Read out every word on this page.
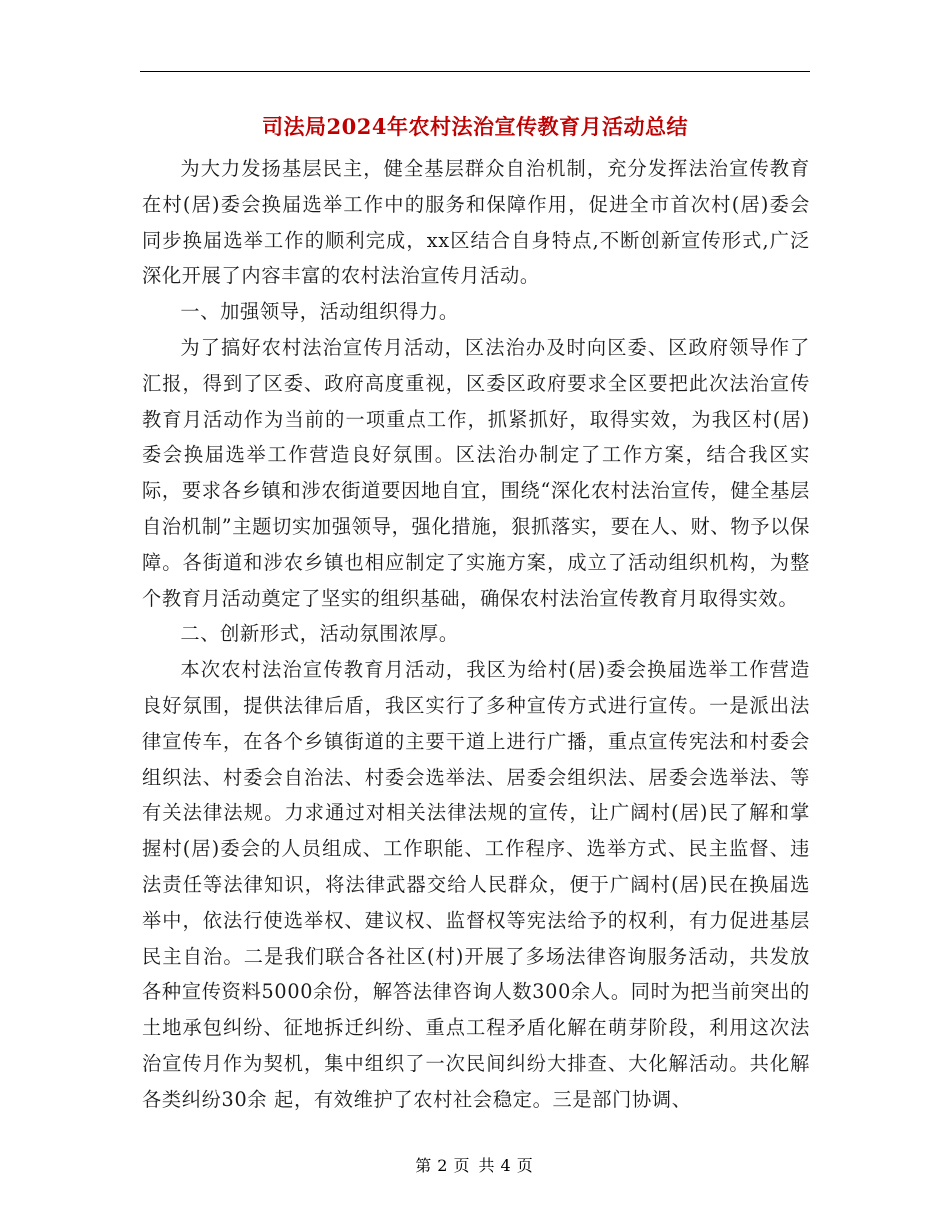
司法局2024年农村法治宣传教育月活动总结

为大力发扬基层民主，健全基层群众自治机制，充分发挥法治宣传教育在村(居)委会换届选举工作中的服务和保障作用，促进全市首次村(居)委会同步换届选举工作的顺利完成，xx区结合自身特点,不断创新宣传形式,广泛深化开展了内容丰富的农村法治宣传月活动。

一、加强领导，活动组织得力。

为了搞好农村法治宣传月活动，区法治办及时向区委、区政府领导作了汇报，得到了区委、政府高度重视，区委区政府要求全区要把此次法治宣传教育月活动作为当前的一项重点工作，抓紧抓好，取得实效，为我区村(居)委会换届选举工作营造良好氛围。区法治办制定了工作方案，结合我区实际，要求各乡镇和涉农街道要因地自宜，围绕“深化农村法治宣传，健全基层自治机制”主题切实加强领导，强化措施，狠抓落实，要在人、财、物予以保障。各街道和涉农乡镇也相应制定了实施方案，成立了活动组织机构，为整个教育月活动奠定了坚实的组织基础，确保农村法治宣传教育月取得实效。

二、创新形式，活动氛围浓厚。

本次农村法治宣传教育月活动，我区为给村(居)委会换届选举工作营造良好氛围，提供法律后盾，我区实行了多种宣传方式进行宣传。一是派出法律宣传车，在各个乡镇街道的主要干道上进行广播，重点宣传宪法和村委会组织法、村委会自治法、村委会选举法、居委会组织法、居委会选举法、等有关法律法规。力求通过对相关法律法规的宣传，让广阔村(居)民了解和掌握村(居)委会的人员组成、工作职能、工作程序、选举方式、民主监督、违法责任等法律知识，将法律武器交给人民群众，便于广阔村(居)民在换届选举中，依法行使选举权、建议权、监督权等宪法给予的权利，有力促进基层民主自治。二是我们联合各社区(村)开展了多场法律咨询服务活动，共发放各种宣传资料5000余份，解答法律咨询人数300余人。同时为把当前突出的土地承包纠纷、征地拆迁纠纷、重点工程矛盾化解在萌芽阶段，利用这次法治宣传月作为契机，集中组织了一次民间纠纷大排查、大化解活动。共化解各类纠纷30余 起，有效维护了农村社会稳定。三是部门协调、

第 2 页 共 4 页
